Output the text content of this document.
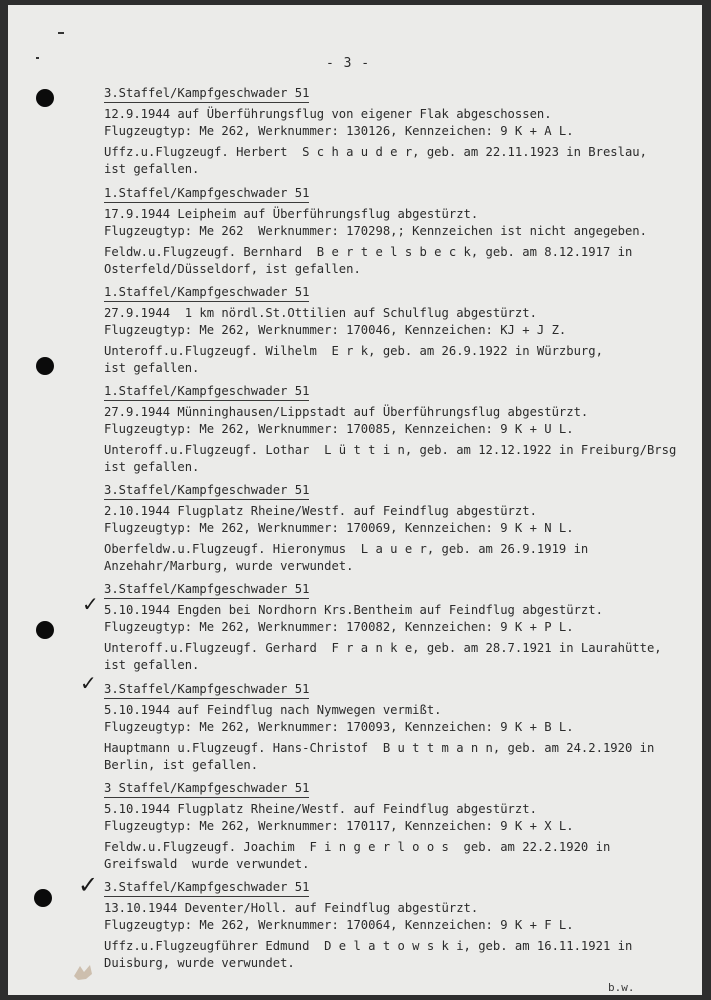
- 3 -
3.Staffel/Kampfgeschwader 51
12.9.1944 auf Überführungsflug von eigener Flak abgeschossen.
Flugzeugtyp: Me 262, Werknummer: 130126, Kennzeichen: 9 K + A L.
Uffz.u.Flugzeugf. Herbert  S c h a u d e r, geb. am 22.11.1923 in Breslau,
ist gefallen.
1.Staffel/Kampfgeschwader 51
17.9.1944 Leipheim auf Überführungsflug abgestürzt.
Flugzeugtyp: Me 262  Werknummer: 170298,; Kennzeichen ist nicht angegeben.
Feldw.u.Flugzeugf. Bernhard  B e r t e l s b e c k, geb. am 8.12.1917 in
Osterfeld/Düsseldorf, ist gefallen.
1.Staffel/Kampfgeschwader 51
27.9.1944  1 km nördl.St.Ottilien auf Schulflug abgestürzt.
Flugzeugtyp: Me 262, Werknummer: 170046, Kennzeichen: KJ + J Z.
Unteroff.u.Flugzeugf. Wilhelm  E r k, geb. am 26.9.1922 in Würzburg,
ist gefallen.
1.Staffel/Kampfgeschwader 51
27.9.1944 Münninghausen/Lippstadt auf Überführungsflug abgestürzt.
Flugzeugtyp: Me 262, Werknummer: 170085, Kennzeichen: 9 K + U L.
Unteroff.u.Flugzeugf. Lothar  L ü t t i n, geb. am 12.12.1922 in Freiburg/Brsg
ist gefallen.
3.Staffel/Kampfgeschwader 51
2.10.1944 Flugplatz Rheine/Westf. auf Feindflug abgestürzt.
Flugzeugtyp: Me 262, Werknummer: 170069, Kennzeichen: 9 K + N L.
Oberfeldw.u.Flugzeugf. Hieronymus  L a u e r, geb. am 26.9.1919 in
Anzehahr/Marburg, wurde verwundet.
3.Staffel/Kampfgeschwader 51
5.10.1944 Engden bei Nordhorn Krs.Bentheim auf Feindflug abgestürzt.
Flugzeugtyp: Me 262, Werknummer: 170082, Kennzeichen: 9 K + P L.
Unteroff.u.Flugzeugf. Gerhard  F r a n k e, geb. am 28.7.1921 in Laurahütte,
ist gefallen.
3.Staffel/Kampfgeschwader 51
5.10.1944 auf Feindflug nach Nymwegen vermißt.
Flugzeugtyp: Me 262, Werknummer: 170093, Kennzeichen: 9 K + B L.
Hauptmann u.Flugzeugf. Hans-Christof  B u t t m a n n, geb. am 24.2.1920 in
Berlin, ist gefallen.
3 Staffel/Kampfgeschwader 51
5.10.1944 Flugplatz Rheine/Westf. auf Feindflug abgestürzt.
Flugzeugtyp: Me 262, Werknummer: 170117, Kennzeichen: 9 K + X L.
Feldw.u.Flugzeugf. Joachim  F i n g e r l o o s  geb. am 22.2.1920 in
Greifswald  wurde verwundet.
3.Staffel/Kampfgeschwader 51
13.10.1944 Deventer/Holl. auf Feindflug abgestürzt.
Flugzeugtyp: Me 262, Werknummer: 170064, Kennzeichen: 9 K + F L.
Uffz.u.Flugzeugführer Edmund  D e l a t o w s k i, geb. am 16.11.1921 in
Duisburg, wurde verwundet.
✓
✓
✓
b.w.
